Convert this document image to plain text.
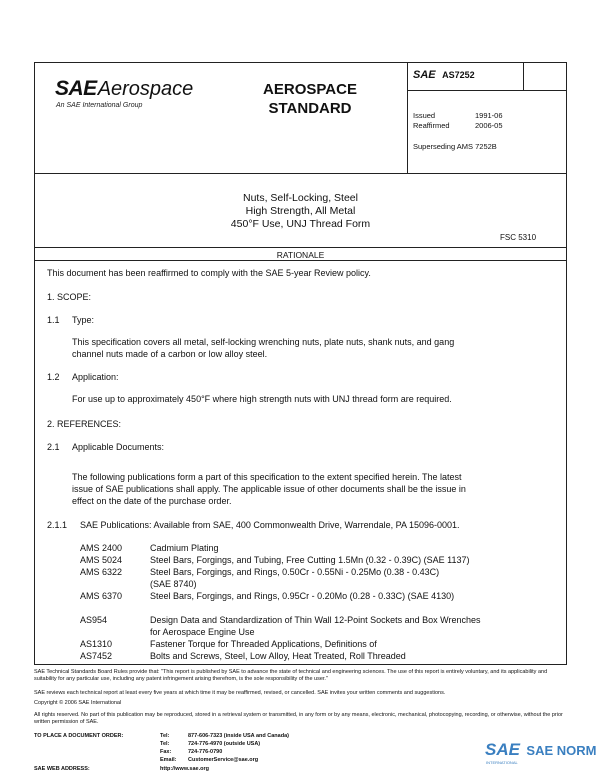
SAEAerospace
An SAE International Group
AEROSPACE
STANDARD
SAE AS7252
Issued	1991-06
Reaffirmed	2006-05
Superseding AMS 7252B
Nuts, Self-Locking, Steel
High Strength, All Metal
450°F Use, UNJ Thread Form
FSC 5310
RATIONALE
This document has been reaffirmed to comply with the SAE 5-year Review policy.
1. SCOPE:
1.1 Type:
This specification covers all metal, self-locking wrenching nuts, plate nuts, shank nuts, and gang
channel nuts made of a carbon or low alloy steel.
1.2 Application:
For use up to approximately 450°F where high strength nuts with UNJ thread form are required.
2. REFERENCES:
2.1 Applicable Documents:
The following publications form a part of this specification to the extent specified herein. The latest
issue of SAE publications shall apply. The applicable issue of other documents shall be the issue in
effect on the date of the purchase order.
2.1.1 SAE Publications: Available from SAE, 400 Commonwealth Drive, Warrendale, PA 15096-0001.
AMS 2400	Cadmium Plating
AMS 5024	Steel Bars, Forgings, and Tubing, Free Cutting 1.5Mn (0.32 - 0.39C) (SAE 1137)
AMS 6322	Steel Bars, Forgings, and Rings, 0.50Cr - 0.55Ni - 0.25Mo (0.38 - 0.43C)
(SAE 8740)
AMS 6370	Steel Bars, Forgings, and Rings, 0.95Cr - 0.20Mo (0.28 - 0.33C) (SAE 4130)
AS954	Design Data and Standardization of Thin Wall 12-Point Sockets and Box Wrenches
for Aerospace Engine Use
AS1310	Fastener Torque for Threaded Applications, Definitions of
AS7452	Bolts and Screws, Steel, Low Alloy, Heat Treated, Roll Threaded
SAE Technical Standards Board Rules provide that: "This report is published by SAE to advance the state of technical and engineering sciences. The use of this report is entirely voluntary, and its applicability and suitability for any particular use, including any patent infringement arising therefrom, is the sole responsibility of the user."
SAE reviews each technical report at least every five years at which time it may be reaffirmed, revised, or cancelled. SAE invites your written comments and suggestions.
Copyright © 2006 SAE International
All rights reserved. No part of this publication may be reproduced, stored in a retrieval system or transmitted, in any form or by any means, electronic, mechanical, photocopying, recording, or otherwise, without the prior written permission of SAE.
TO PLACE A DOCUMENT ORDER:	Tel:	877-606-7323 (inside USA and Canada)
Tel:	724-776-4970 (outside USA)
Fax:	724-776-0790
Email: CustomerService@sae.org
SAE WEB ADDRESS:	http://www.sae.org
SAE SAE NORM
INTERNATIONAL
